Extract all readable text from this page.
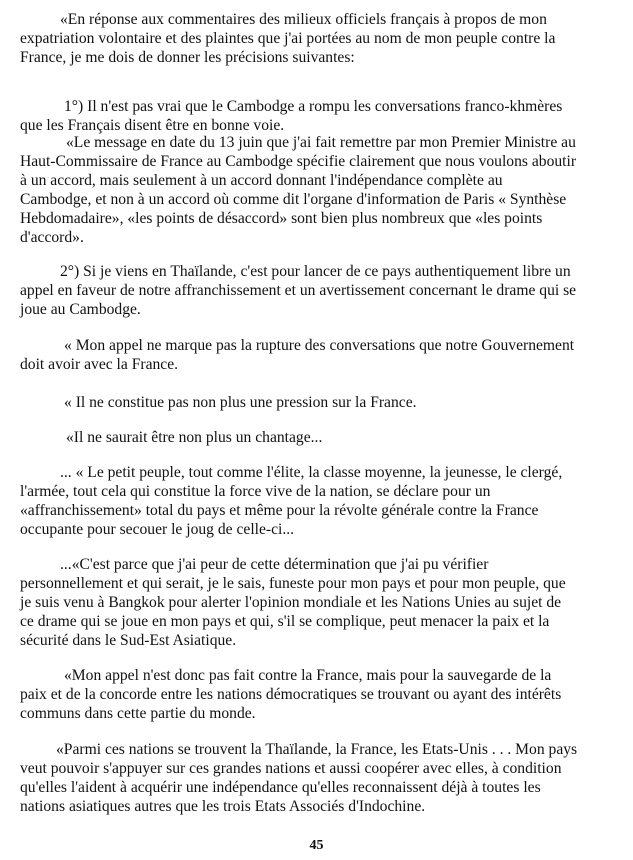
«En réponse aux commentaires des milieux officiels français à propos de mon
expatriation volontaire et des plaintes que j'ai portées au nom de mon peuple contre la
France, je me dois de donner les précisions suivantes:

1°) Il n'est pas vrai que le Cambodge a rompu les conversations franco-khmères
que les Français disent être en bonne voie.

«Le message en date du 13 juin que j'ai fait remettre par mon Premier Ministre au
Haut-Commissaire de France au Cambodge spécifie clairement que nous voulons aboutir
à un accord, mais seulement à un accord donnant l'indépendance complète au
Cambodge, et non à un accord où comme dit l'organe d'information de Paris « Synthèse
Hebdomadaire», «les points de désaccord» sont bien plus nombreux que «les points
d'accord».

2°) Si je viens en Thaïlande, c'est pour lancer de ce pays authentiquement libre un
appel en faveur de notre affranchissement et un avertissement concernant le drame qui se
joue au Cambodge.

« Mon appel ne marque pas la rupture des conversations que notre Gouvernement
doit avoir avec la France.

« Il ne constitue pas non plus une pression sur la France.

«Il ne saurait être non plus un chantage...

... « Le petit peuple, tout comme l'élite, la classe moyenne, la jeunesse, le clergé,
l'armée, tout cela qui constitue la force vive de la nation, se déclare pour un
«affranchissement» total du pays et même pour la révolte générale contre la France
occupante pour secouer le joug de celle-ci...

...«C'est parce que j'ai peur de cette détermination que j'ai pu vérifier
personnellement et qui serait, je le sais, funeste pour mon pays et pour mon peuple, que
je suis venu à Bangkok pour alerter l'opinion mondiale et les Nations Unies au sujet de
ce drame qui se joue en mon pays et qui, s'il se complique, peut menacer la paix et la
sécurité dans le Sud-Est Asiatique.

«Mon appel n'est donc pas fait contre la France, mais pour la sauvegarde de la
paix et de la concorde entre les nations démocratiques se trouvant ou ayant des intérêts
communs dans cette partie du monde.

«Parmi ces nations se trouvent la Thaïlande, la France, les Etats-Unis . . . Mon pays
veut pouvoir s'appuyer sur ces grandes nations et aussi coopérer avec elles, à condition
qu'elles l'aident à acquérir une indépendance qu'elles reconnaissent déjà à toutes les
nations asiatiques autres que les trois Etats Associés d'Indochine.

45
